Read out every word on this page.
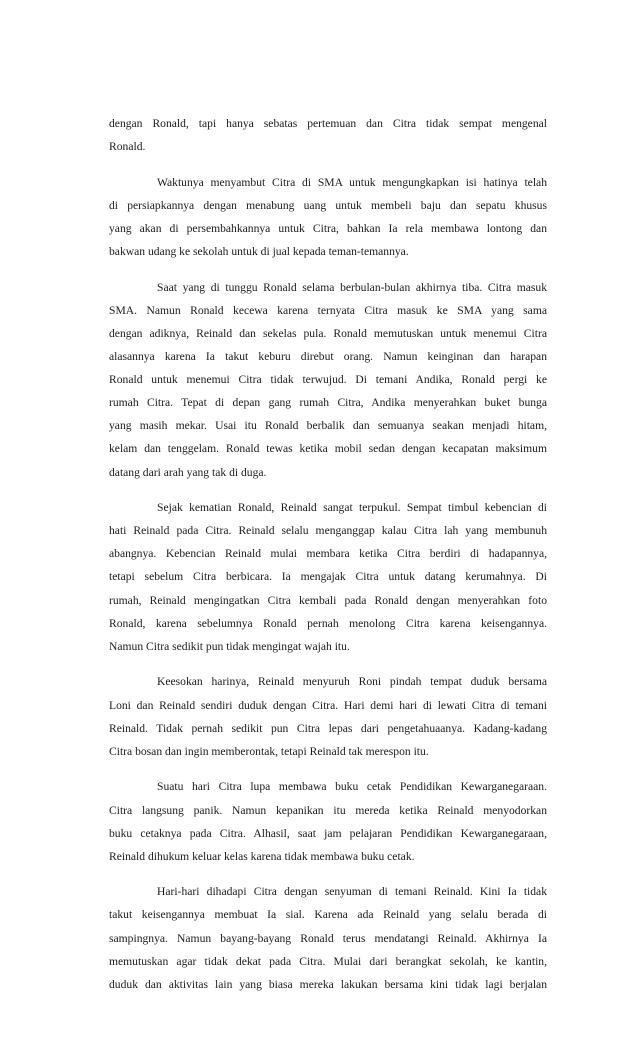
dengan Ronald, tapi hanya sebatas pertemuan dan Citra tidak sempat mengenal
Ronald.
Waktunya menyambut Citra di SMA untuk mengungkapkan isi hatinya telah
di persiapkannya dengan menabung uang untuk membeli baju dan sepatu khusus
yang akan di persembahkannya untuk Citra, bahkan Ia rela membawa lontong dan
bakwan udang ke sekolah untuk di jual kepada teman-temannya.
Saat yang di tunggu Ronald selama berbulan-bulan akhirnya tiba. Citra masuk
SMA. Namun Ronald kecewa karena ternyata Citra masuk ke SMA yang sama
dengan adiknya, Reinald dan sekelas pula. Ronald memutuskan untuk menemui Citra
alasannya karena Ia takut keburu direbut orang. Namun keinginan dan harapan
Ronald untuk menemui Citra tidak terwujud. Di temani Andika, Ronald pergi ke
rumah Citra. Tepat di depan gang rumah Citra, Andika menyerahkan buket bunga
yang masih mekar. Usai itu Ronald berbalik dan semuanya seakan menjadi hitam,
kelam dan tenggelam. Ronald tewas ketika mobil sedan dengan kecapatan maksimum
datang dari arah yang tak di duga.
Sejak kematian Ronald, Reinald sangat terpukul. Sempat timbul kebencian di
hati Reinald pada Citra. Reinald selalu menganggap kalau Citra lah yang membunuh
abangnya. Kebencian Reinald mulai membara ketika Citra berdiri di hadapannya,
tetapi sebelum Citra berbicara. Ia mengajak Citra untuk datang kerumahnya. Di
rumah, Reinald mengingatkan Citra kembali pada Ronald dengan menyerahkan foto
Ronald, karena sebelumnya Ronald pernah menolong Citra karena keisengannya.
Namun Citra sedikit pun tidak mengingat wajah itu.
Keesokan harinya, Reinald menyuruh Roni pindah tempat duduk bersama
Loni dan Reinald sendiri duduk dengan Citra. Hari demi hari di lewati Citra di temani
Reinald. Tidak pernah sedikit pun Citra lepas dari pengetahuaanya. Kadang-kadang
Citra bosan dan ingin memberontak, tetapi Reinald tak merespon itu.
Suatu hari Citra lupa membawa buku cetak Pendidikan Kewarganegaraan.
Citra langsung panik. Namun kepanikan itu mereda ketika Reinald menyodorkan
buku cetaknya pada Citra. Alhasil, saat jam pelajaran Pendidikan Kewarganegaraan,
Reinald dihukum keluar kelas karena tidak membawa buku cetak.
Hari-hari dihadapi Citra dengan senyuman di temani Reinald. Kini Ia tidak
takut keisengannya membuat Ia sial. Karena ada Reinald yang selalu berada di
sampingnya. Namun bayang-bayang Ronald terus mendatangi Reinald. Akhirnya Ia
memutuskan agar tidak dekat pada Citra. Mulai dari berangkat sekolah, ke kantin,
duduk dan aktivitas lain yang biasa mereka lakukan bersama kini tidak lagi berjalan
